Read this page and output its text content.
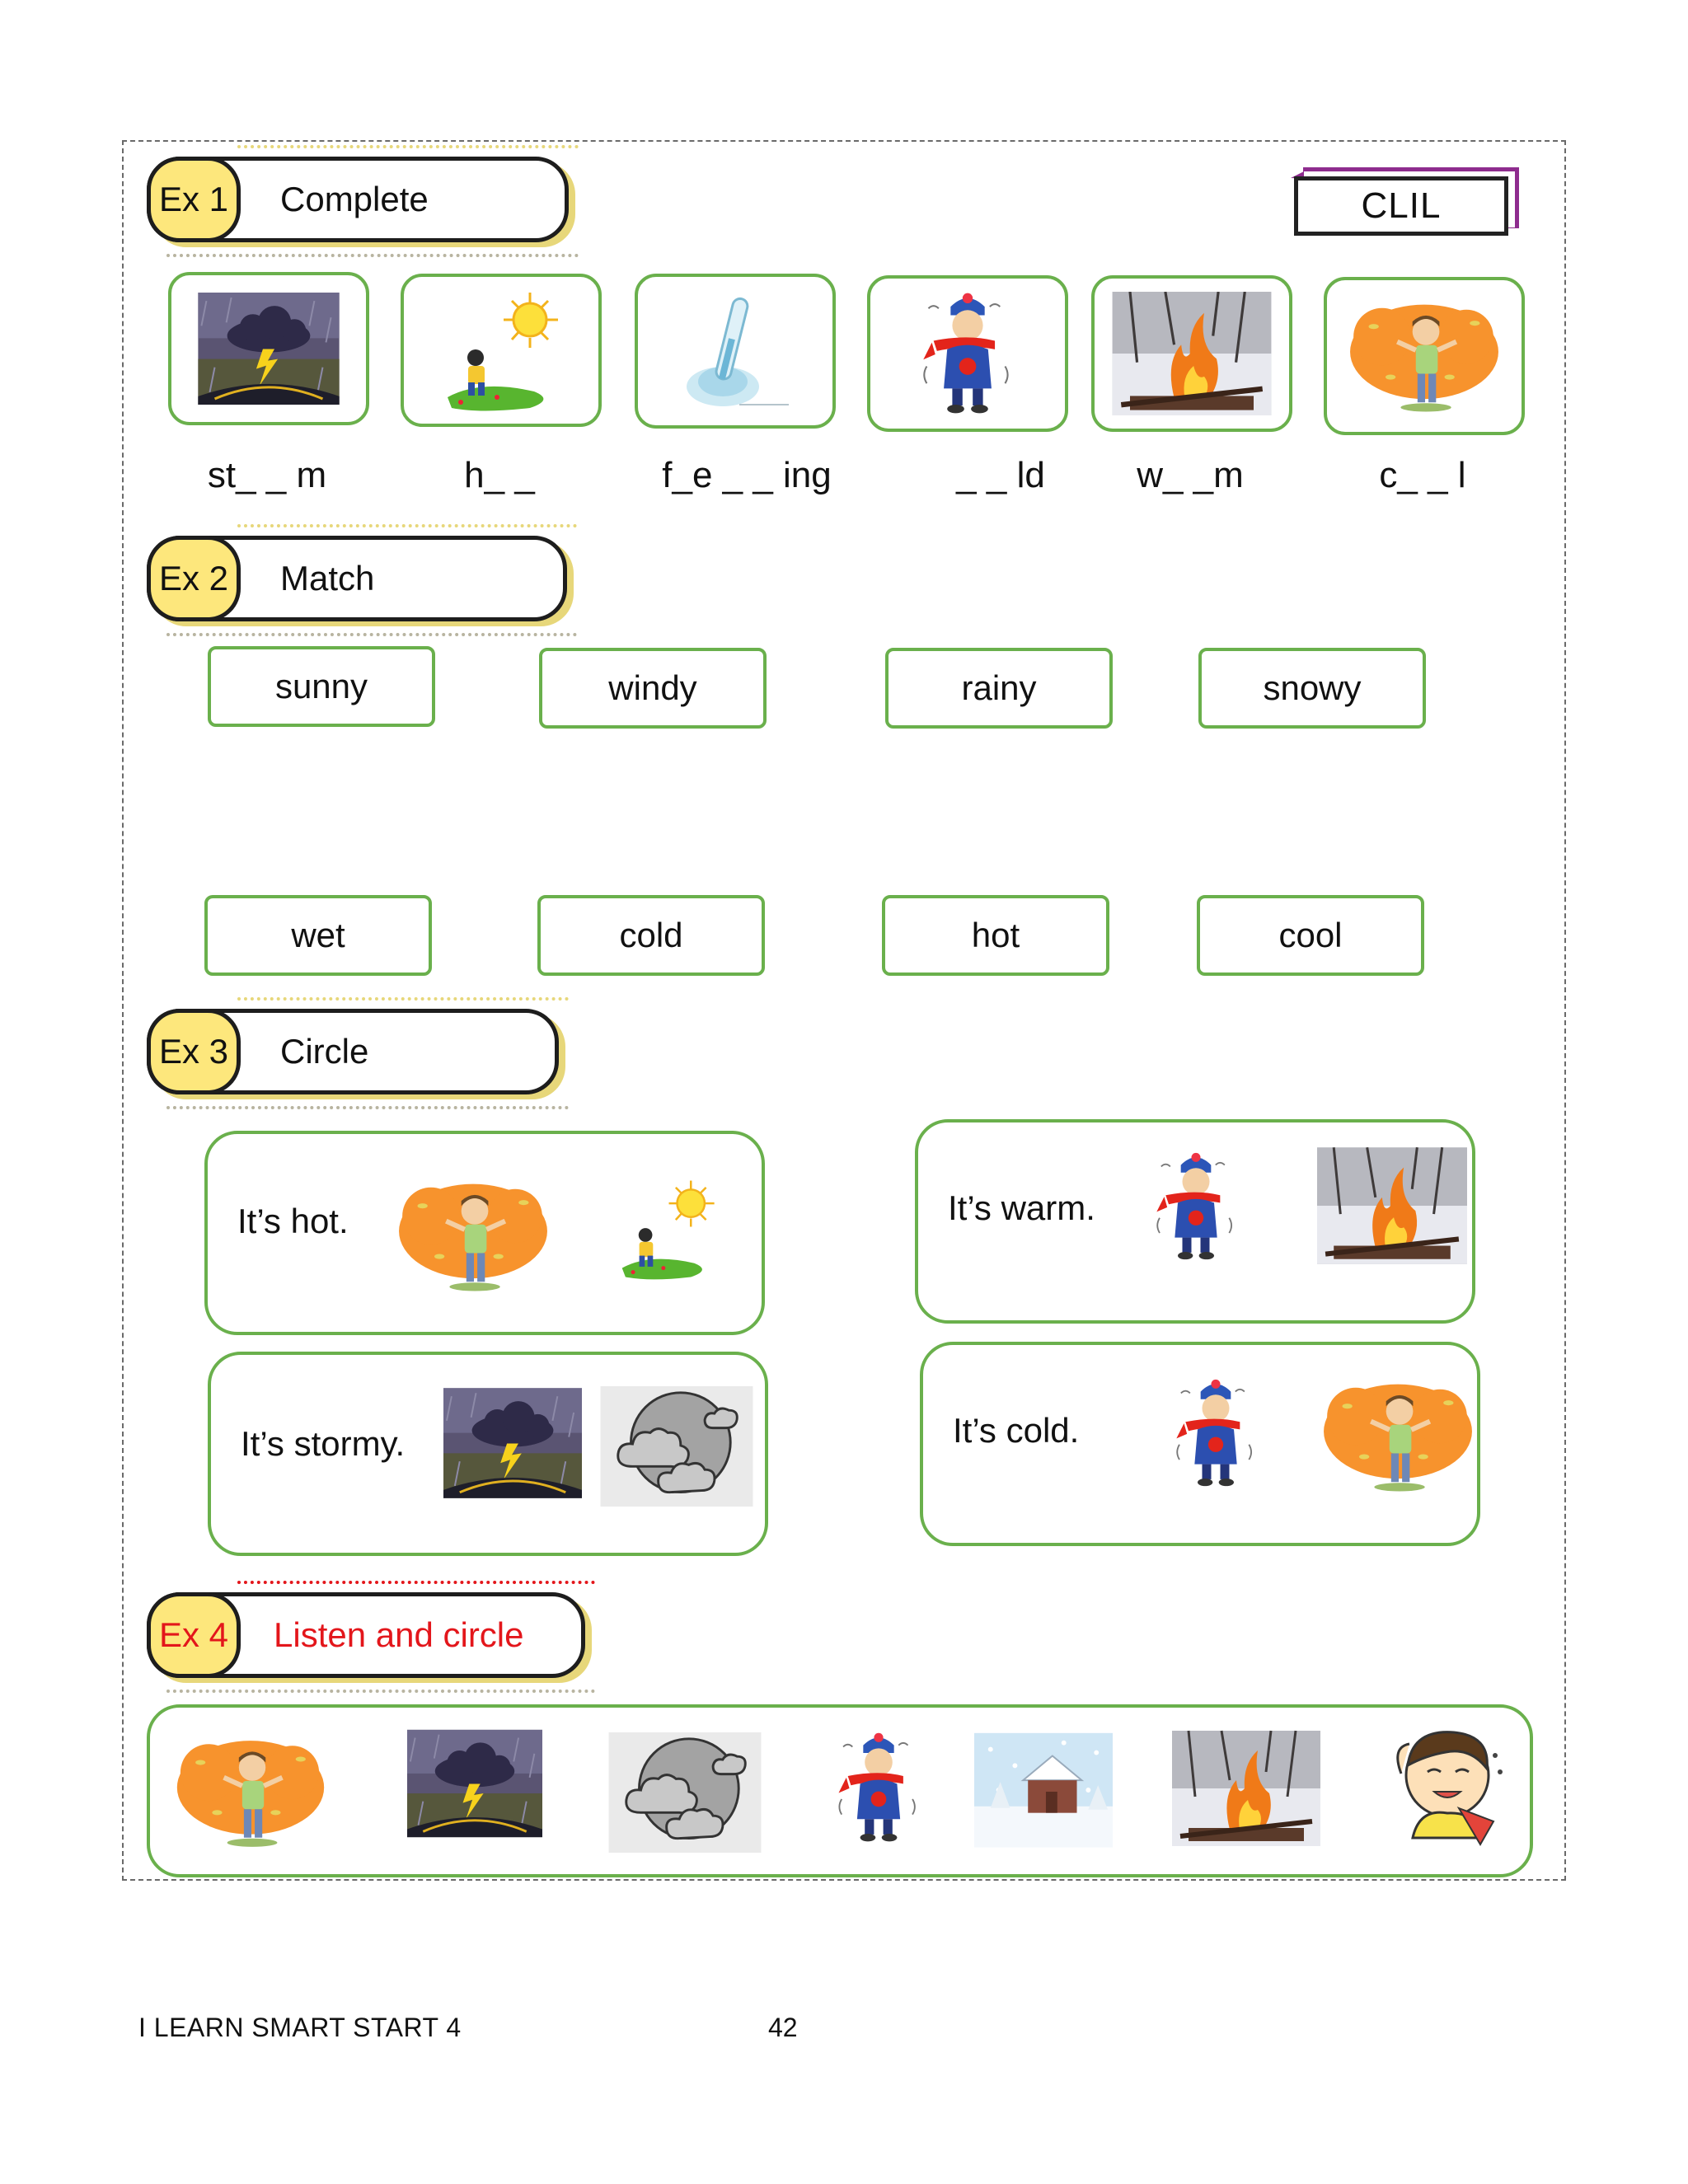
Ex 1	Complete	CLIL
st_ _ m	h_ _	f_e _ _ ing	_ _ ld	w_ _m	c_ _ l
Ex 2	Match
sunny	windy	rainy	snowy
wet	cold	hot	cool
Ex 3	Circle
It’s hot.	It’s warm.
It’s stormy.	It’s cold.
Ex 4	Listen and circle
I LEARN SMART START 4	42
